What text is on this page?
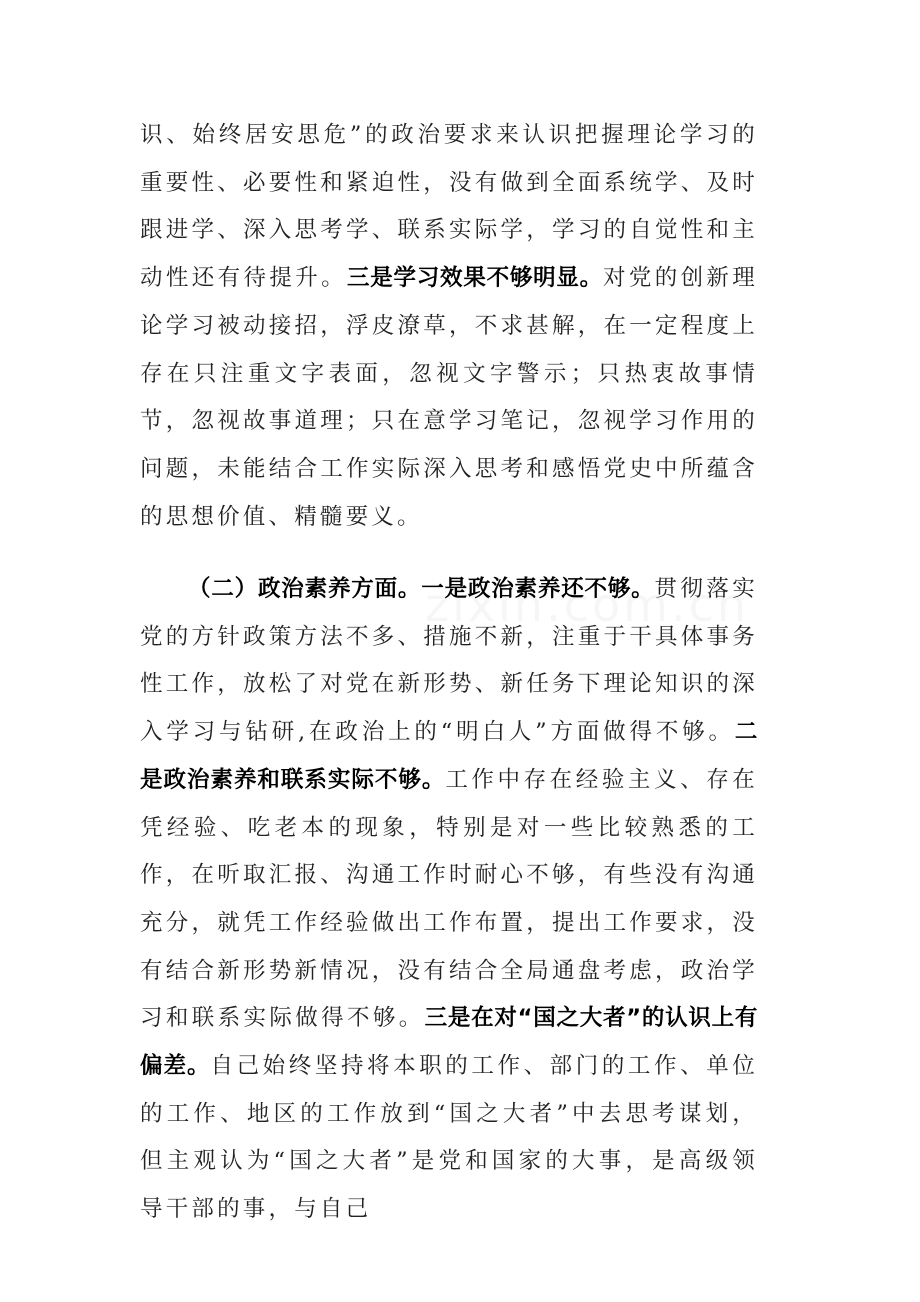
识、始终居安思危”的政治要求来认识把握理论学习的重要性、必要性和紧迫性，没有做到全面系统学、及时跟进学、深入思考学、联系实际学，学习的自觉性和主动性还有待提升。三是学习效果不够明显。对党的创新理论学习被动接招，浮皮潦草，不求甚解，在一定程度上存在只注重文字表面，忽视文字警示；只热衷故事情节，忽视故事道理；只在意学习笔记，忽视学习作用的问题，未能结合工作实际深入思考和感悟党史中所蕴含的思想价值、精髓要义。
（二）政治素养方面。一是政治素养还不够。贯彻落实党的方针政策方法不多、措施不新，注重于干具体事务性工作，放松了对党在新形势、新任务下理论知识的深入学习与钻研,在政治上的“明白人”方面做得不够。二是政治素养和联系实际不够。工作中存在经验主义、存在凭经验、吃老本的现象，特别是对一些比较熟悉的工作，在听取汇报、沟通工作时耐心不够，有些没有沟通充分，就凭工作经验做出工作布置，提出工作要求，没有结合新形势新情况，没有结合全局通盘考虑，政治学习和联系实际做得不够。三是在对“国之大者”的认识上有偏差。自己始终坚持将本职的工作、部门的工作、单位的工作、地区的工作放到“国之大者”中去思考谋划，但主观认为“国之大者”是党和国家的大事，是高级领导干部的事，与自己
